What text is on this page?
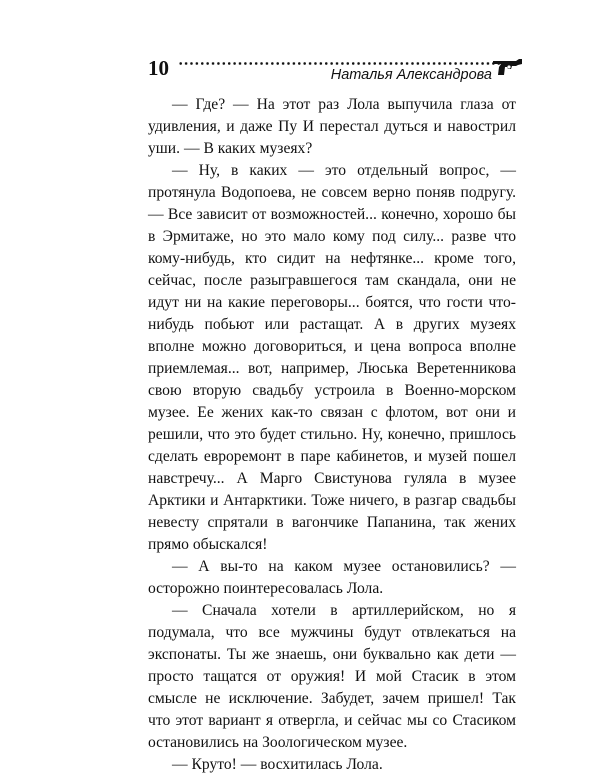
10	Наталья Александрова

— Где? — На этот раз Лола выпучила глаза от удивления, и даже Пу И перестал дуться и навострил уши. — В каких музеях?

— Ну, в каких — это отдельный вопрос, — протянула Водопоева, не совсем верно поняв подругу. — Все зависит от возможностей... конечно, хорошо бы в Эрмитаже, но это мало кому под силу... разве что кому-нибудь, кто сидит на нефтянке... кроме того, сейчас, после разыгравшегося там скандала, они не идут ни на какие переговоры... боятся, что гости что-нибудь побьют или растащат. А в других музеях вполне можно договориться, и цена вопроса вполне приемлемая... вот, например, Люська Веретенникова свою вторую свадьбу устроила в Военно-морском музее. Ее жених как-то связан с флотом, вот они и решили, что это будет стильно. Ну, конечно, пришлось сделать евроремонт в паре кабинетов, и музей пошел навстречу... А Марго Свистунова гуляла в музее Арктики и Антарктики. Тоже ничего, в разгар свадьбы невесту спрятали в вагончике Папанина, так жених прямо обыскался!

— А вы-то на каком музее остановились? — осторожно поинтересовалась Лола.

— Сначала хотели в артиллерийском, но я подумала, что все мужчины будут отвлекаться на экспонаты. Ты же знаешь, они буквально как дети — просто тащатся от оружия! И мой Стасик в этом смысле не исключение. Забудет, зачем пришел! Так что этот вариант я отвергла, и сейчас мы со Стасиком остановились на Зоологическом музее.

— Круто! — восхитилась Лола.
